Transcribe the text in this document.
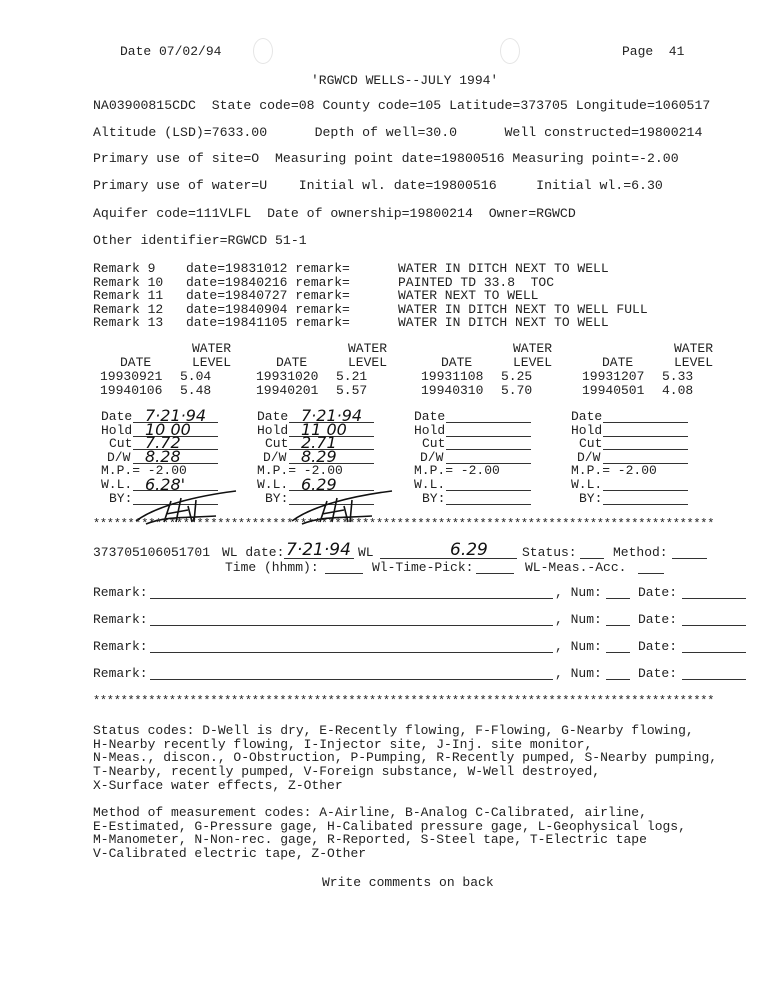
Date 07/02/94	Page  41
'RGWCD WELLS--JULY 1994'
NA03900815CDC  State code=08 County code=105 Latitude=373705 Longitude=1060517
Altitude (LSD)=7633.00      Depth of well=30.0      Well constructed=19800214
Primary use of site=O  Measuring point date=19800516 Measuring point=-2.00
Primary use of water=U    Initial wl. date=19800516     Initial wl.=6.30
Aquifer code=111VLFL  Date of ownership=19800214  Owner=RGWCD
Other identifier=RGWCD 51-1
Remark 9 date=19831012 remark=	WATER IN DITCH NEXT TO WELL
Remark 10 date=19840216 remark=	PAINTED TD 33.8  TOC
Remark 11 date=19840727 remark=	WATER NEXT TO WELL
Remark 12 date=19840904 remark=	WATER IN DITCH NEXT TO WELL FULL
Remark 13 date=19841105 remark=	WATER IN DITCH NEXT TO WELL
WATER
DATE	LEVEL
19930921 5.04
19940106 5.48
WATER
DATE	LEVEL
19931020 5.21
19940201 5.57
WATER
DATE	LEVEL
19931108 5.25
19940310 5.70
WATER
DATE	LEVEL
19931207 5.33
19940501 4.08
Date 7·21·94
Hold 10 00
Cut 7.72
D/W 8.28
M.P.= -2.00
W.L. 6.28'
BY:
Date 7·21·94
Hold 11 00
Cut 2.71
D/W 8.29
M.P.= -2.00
W.L. 6.29
BY:
Date
Hold
Cut
D/W
M.P.= -2.00
W.L.
BY:
Date
Hold
Cut
D/W
M.P.= -2.00
W.L.
BY:
******************************************************************************************
373705106051701 WL date: 7·21·94 WL	6.29	Status:	Method:
Time (hhmm):	Wl-Time-Pick:	WL-Meas.-Acc.
Remark:	, Num:	Date:
Remark:	, Num:	Date:
Remark:	, Num:	Date:
Remark:	, Num:	Date:
******************************************************************************************
Status codes: D-Well is dry, E-Recently flowing, F-Flowing, G-Nearby flowing,
H-Nearby recently flowing, I-Injector site, J-Inj. site monitor,
N-Meas., discon., O-Obstruction, P-Pumping, R-Recently pumped, S-Nearby pumping,
T-Nearby, recently pumped, V-Foreign substance, W-Well destroyed,
X-Surface water effects, Z-Other
Method of measurement codes: A-Airline, B-Analog C-Calibrated, airline,
E-Estimated, G-Pressure gage, H-Calibated pressure gage, L-Geophysical logs,
M-Manometer, N-Non-rec. gage, R-Reported, S-Steel tape, T-Electric tape
V-Calibrated electric tape, Z-Other
Write comments on back
